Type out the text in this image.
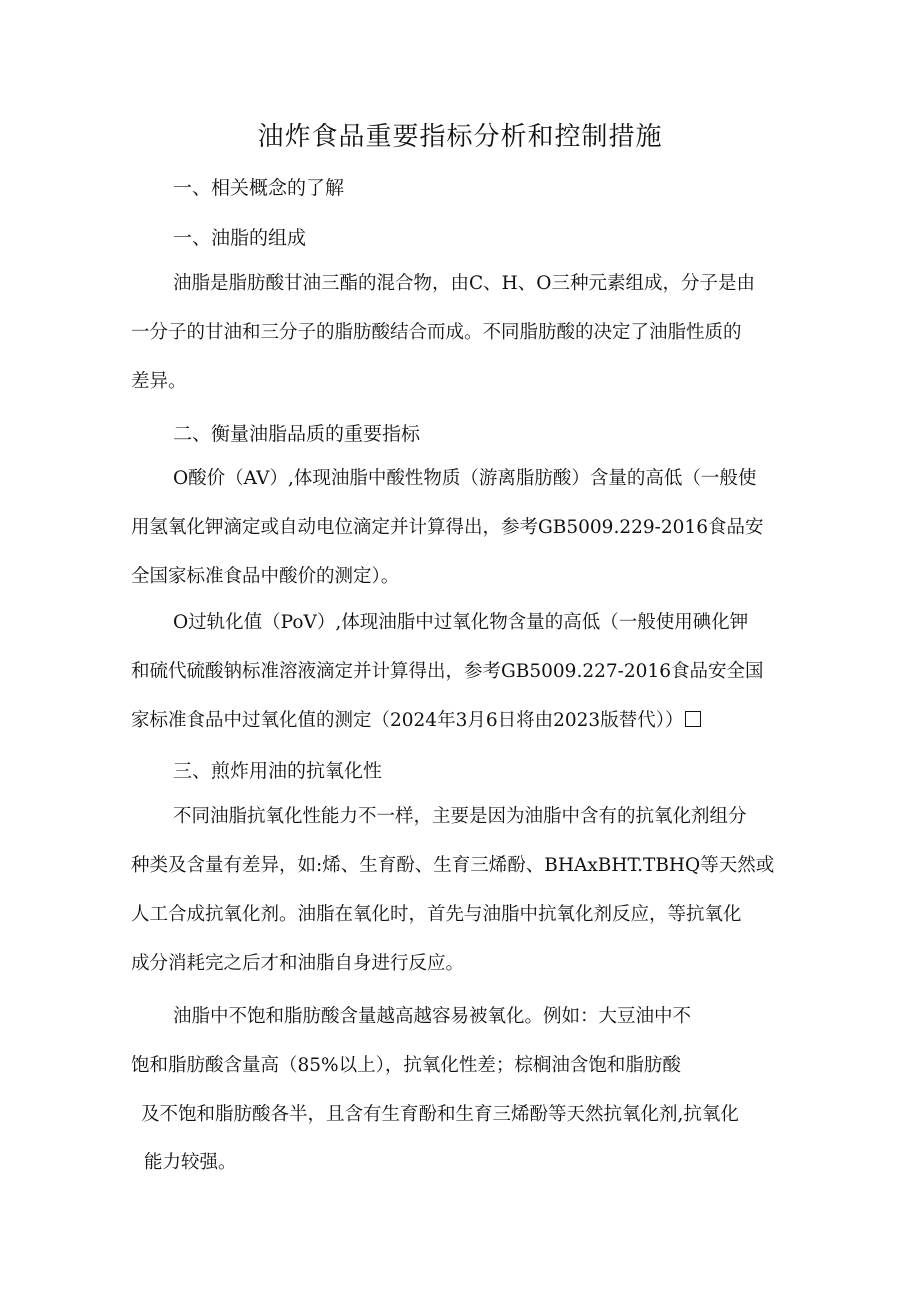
油炸食品重要指标分析和控制措施
一、相关概念的了解
一、油脂的组成

油脂是脂肪酸甘油三酯的混合物，由C、H、O三种元素组成，分子是由

一分子的甘油和三分子的脂肪酸结合而成。不同脂肪酸的决定了油脂性质的

差异。

二、衡量油脂品质的重要指标

O酸价（AV）,体现油脂中酸性物质（游离脂肪酸）含量的高低（一般使

用氢氧化钾滴定或自动电位滴定并计算得出，参考GB5009.229-2016食品安

全国家标准食品中酸价的测定）。

O过轨化值（PoV）,体现油脂中过氧化物含量的高低（一般使用碘化钾

和硫代硫酸钠标准溶液滴定并计算得出，参考GB5009.227-2016食品安全国

家标准食品中过氧化值的测定（2024年3月6日将由2023版替代））

三、煎炸用油的抗氧化性

不同油脂抗氧化性能力不一样，主要是因为油脂中含有的抗氧化剂组分

种类及含量有差异，如:烯、生育酚、生育三烯酚、BHAxBHT.TBHQ等天然或

人工合成抗氧化剂。油脂在氧化时，首先与油脂中抗氧化剂反应，等抗氧化

成分消耗完之后才和油脂自身进行反应。

油脂中不饱和脂肪酸含量越高越容易被氧化。例如：大豆油中不

饱和脂肪酸含量高（85%以上），抗氧化性差；棕榈油含饱和脂肪酸

及不饱和脂肪酸各半，且含有生育酚和生育三烯酚等天然抗氧化剂,抗氧化

能力较强。
